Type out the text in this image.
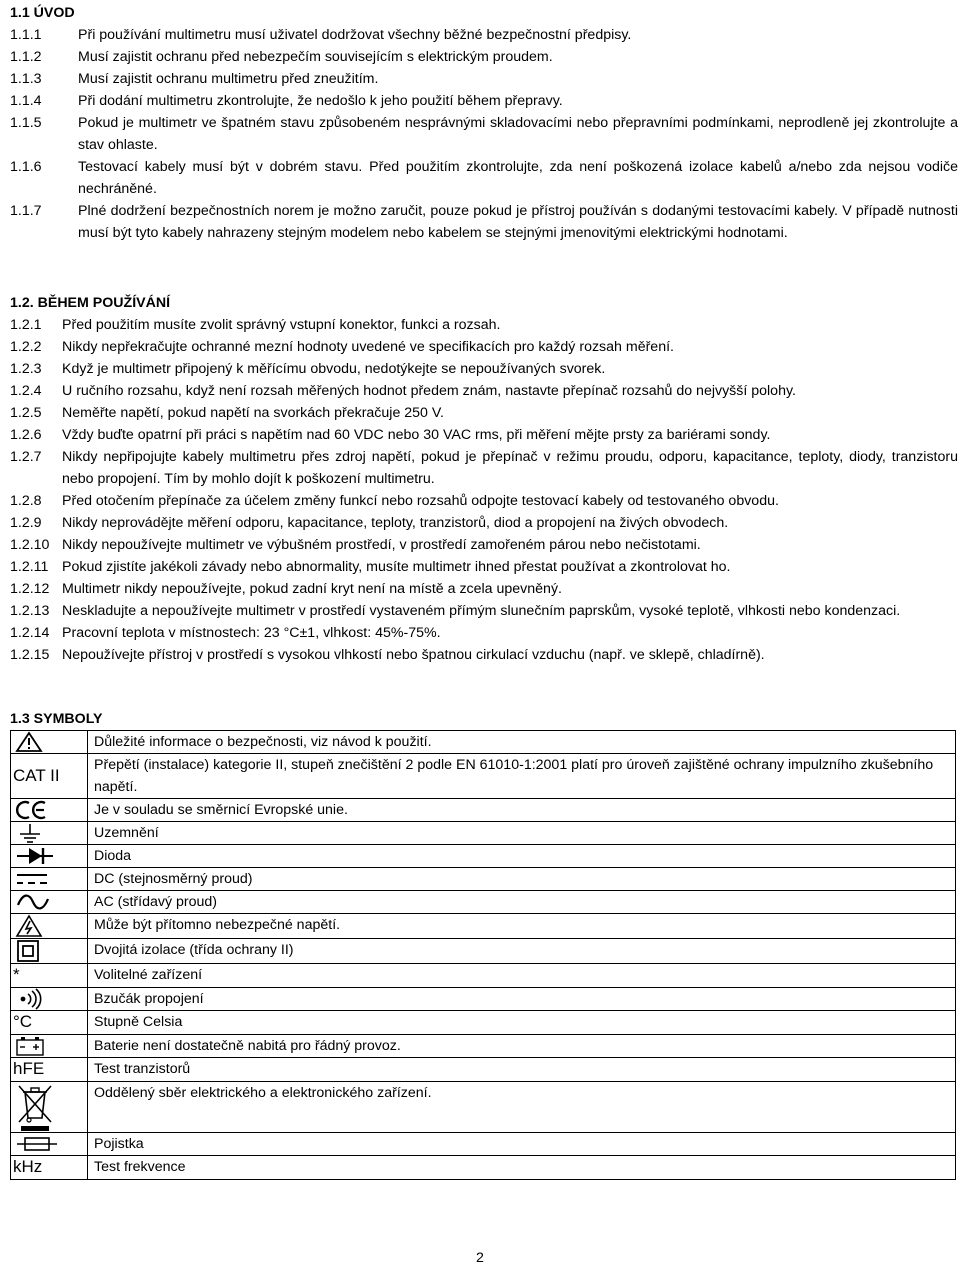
1.1 ÚVOD
1.1.1	Při používání multimetru musí uživatel dodržovat všechny běžné bezpečnostní předpisy.
1.1.2	Musí zajistit ochranu před nebezpečím souvisejícím s elektrickým proudem.
1.1.3	Musí zajistit ochranu multimetru před zneužitím.
1.1.4	Při dodání multimetru zkontrolujte, že nedošlo k jeho použití během přepravy.
1.1.5	Pokud je multimetr ve špatném stavu způsobeném nesprávnými skladovacími nebo přepravními podmínkami, neprodleně jej zkontrolujte a stav ohlaste.
1.1.6	Testovací kabely musí být v dobrém stavu. Před použitím zkontrolujte, zda není poškozená izolace kabelů a/nebo zda nejsou vodiče nechráněné.
1.1.7	Plné dodržení bezpečnostních norem je možno zaručit, pouze pokud je přístroj používán s dodanými testovacími kabely. V případě nutnosti musí být tyto kabely nahrazeny stejným modelem nebo kabelem se stejnými jmenovitými elektrickými hodnotami.
1.2. BĚHEM POUŽÍVÁNÍ
1.2.1	Před použitím musíte zvolit správný vstupní konektor, funkci a rozsah.
1.2.2	Nikdy nepřekračujte ochranné mezní hodnoty uvedené ve specifikacích pro každý rozsah měření.
1.2.3	Když je multimetr připojený k měřícímu obvodu, nedotýkejte se nepoužívaných svorek.
1.2.4	U ručního rozsahu, když není rozsah měřených hodnot předem znám, nastavte přepínač rozsahů do nejvyšší polohy.
1.2.5	Neměřte napětí, pokud napětí na svorkách překračuje 250 V.
1.2.6	Vždy buďte opatrní při práci s napětím nad 60 VDC nebo 30 VAC rms, při měření mějte prsty za bariérami sondy.
1.2.7	Nikdy nepřipojujte kabely multimetru přes zdroj napětí, pokud je přepínač v režimu proudu, odporu, kapacitance, teploty, diody, tranzistoru nebo propojení. Tím by mohlo dojít k poškození multimetru.
1.2.8	Před otočením přepínače za účelem změny funkcí nebo rozsahů odpojte testovací kabely od testovaného obvodu.
1.2.9	Nikdy neprovádějte měření odporu, kapacitance, teploty, tranzistorů, diod a propojení na živých obvodech.
1.2.10 Nikdy nepoužívejte multimetr ve výbušném prostředí, v prostředí zamořeném párou nebo nečistotami.
1.2.11 Pokud zjistíte jakékoli závady nebo abnormality, musíte multimetr ihned přestat používat a zkontrolovat ho.
1.2.12 Multimetr nikdy nepoužívejte, pokud zadní kryt není na místě a zcela upevněný.
1.2.13 Neskladujte a nepoužívejte multimetr v prostředí vystaveném přímým slunečním paprskům, vysoké teplotě, vlhkosti nebo kondenzaci.
1.2.14 Pracovní teplota v místnostech: 23 °C±1, vlhkost: 45%-75%.
1.2.15 Nepoužívejte přístroj v prostředí s vysokou vlhkostí nebo špatnou cirkulací vzduchu (např. ve sklepě, chladírně).
1.3 SYMBOLY
	Důležité informace o bezpečnosti, viz návod k použití.
CAT II	Přepětí (instalace) kategorie II, stupeň znečištění 2 podle EN 61010-1:2001 platí pro úroveň zajištěné ochrany impulzního zkušebního napětí.

	Je v souladu se směrnicí Evropské unie.

	Uzemnění

	Dioda

	DC (stejnosměrný proud)

	AC (střídavý proud)

	Může být přítomno nebezpečné napětí.

	Dvojitá izolace (třída ochrany II)
*	Volitelné zařízení

	Bzučák propojení
°C	Stupně Celsia

	Baterie není dostatečně nabitá pro řádný provoz.
hFE	Test tranzistorů

	Oddělený sběr elektrického a elektronického zařízení.

	Pojistka
kHz	Test frekvence
2
